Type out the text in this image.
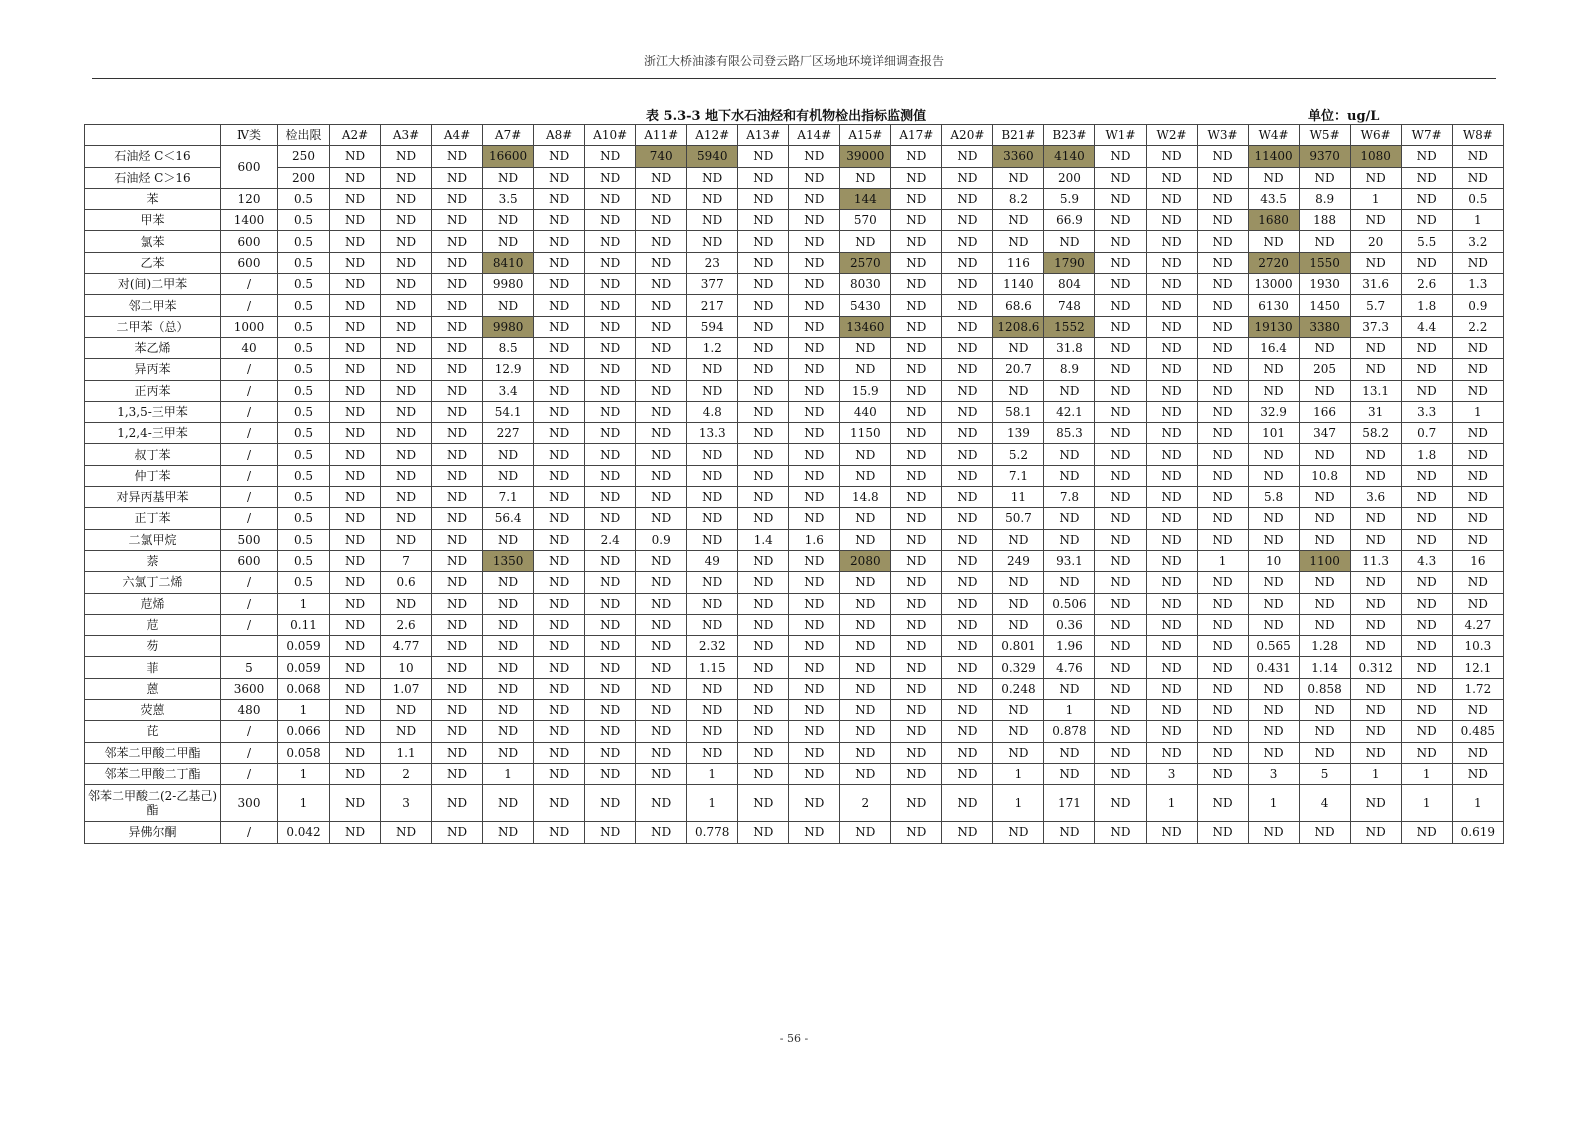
浙江大桥油漆有限公司登云路厂区场地环境详细调查报告
表 5.3-3 地下水石油烃和有机物检出指标监测值	单位：ug/L
	Ⅳ类	检出限	A2#	A3#	A4#	A7#	A8#	A10#	A11#	A12#	A13#	A14#	A15#	A17#	A20#	B21#	B23#	W1#	W2#	W3#	W4#	W5#	W6#	W7#	W8#
石油烃 C＜16	600	250	ND	ND	ND	16600	ND	ND	740	5940	ND	ND	39000	ND	ND	3360	4140	ND	ND	ND	11400	9370	1080	ND	ND
石油烃 C＞16		200	ND	ND	ND	ND	ND	ND	ND	ND	ND	ND	ND	ND	ND	ND	200	ND	ND	ND	ND	ND	ND	ND	ND
苯	120	0.5	ND	ND	ND	3.5	ND	ND	ND	ND	ND	ND	144	ND	ND	8.2	5.9	ND	ND	ND	43.5	8.9	1	ND	0.5
甲苯	1400	0.5	ND	ND	ND	ND	ND	ND	ND	ND	ND	ND	570	ND	ND	ND	66.9	ND	ND	ND	1680	188	ND	ND	1
氯苯	600	0.5	ND	ND	ND	ND	ND	ND	ND	ND	ND	ND	ND	ND	ND	ND	ND	ND	ND	ND	ND	ND	20	5.5	3.2
乙苯	600	0.5	ND	ND	ND	8410	ND	ND	ND	23	ND	ND	2570	ND	ND	116	1790	ND	ND	ND	2720	1550	ND	ND	ND
对(间)二甲苯	/	0.5	ND	ND	ND	9980	ND	ND	ND	377	ND	ND	8030	ND	ND	1140	804	ND	ND	ND	13000	1930	31.6	2.6	1.3
邻二甲苯	/	0.5	ND	ND	ND	ND	ND	ND	ND	217	ND	ND	5430	ND	ND	68.6	748	ND	ND	ND	6130	1450	5.7	1.8	0.9
二甲苯（总）	1000	0.5	ND	ND	ND	9980	ND	ND	ND	594	ND	ND	13460	ND	ND	1208.6	1552	ND	ND	ND	19130	3380	37.3	4.4	2.2
苯乙烯	40	0.5	ND	ND	ND	8.5	ND	ND	ND	1.2	ND	ND	ND	ND	ND	ND	31.8	ND	ND	ND	16.4	ND	ND	ND	ND
异丙苯	/	0.5	ND	ND	ND	12.9	ND	ND	ND	ND	ND	ND	ND	ND	ND	20.7	8.9	ND	ND	ND	ND	205	ND	ND	ND
正丙苯	/	0.5	ND	ND	ND	3.4	ND	ND	ND	ND	ND	ND	15.9	ND	ND	ND	ND	ND	ND	ND	ND	ND	13.1	ND	ND
1,3,5-三甲苯	/	0.5	ND	ND	ND	54.1	ND	ND	ND	4.8	ND	ND	440	ND	ND	58.1	42.1	ND	ND	ND	32.9	166	31	3.3	1
1,2,4-三甲苯	/	0.5	ND	ND	ND	227	ND	ND	ND	13.3	ND	ND	1150	ND	ND	139	85.3	ND	ND	ND	101	347	58.2	0.7	ND
叔丁苯	/	0.5	ND	ND	ND	ND	ND	ND	ND	ND	ND	ND	ND	ND	ND	5.2	ND	ND	ND	ND	ND	ND	ND	1.8	ND
仲丁苯	/	0.5	ND	ND	ND	ND	ND	ND	ND	ND	ND	ND	ND	ND	ND	7.1	ND	ND	ND	ND	ND	10.8	ND	ND	ND
对异丙基甲苯	/	0.5	ND	ND	ND	7.1	ND	ND	ND	ND	ND	ND	14.8	ND	ND	11	7.8	ND	ND	ND	5.8	ND	3.6	ND	ND
正丁苯	/	0.5	ND	ND	ND	56.4	ND	ND	ND	ND	ND	ND	ND	ND	ND	50.7	ND	ND	ND	ND	ND	ND	ND	ND	ND
二氯甲烷	500	0.5	ND	ND	ND	ND	ND	2.4	0.9	ND	1.4	1.6	ND	ND	ND	ND	ND	ND	ND	ND	ND	ND	ND	ND	ND
萘	600	0.5	ND	7	ND	1350	ND	ND	ND	49	ND	ND	2080	ND	ND	249	93.1	ND	ND	1	10	1100	11.3	4.3	16
六氯丁二烯	/	0.5	ND	0.6	ND	ND	ND	ND	ND	ND	ND	ND	ND	ND	ND	ND	ND	ND	ND	ND	ND	ND	ND	ND	ND
苊烯	/	1	ND	ND	ND	ND	ND	ND	ND	ND	ND	ND	ND	ND	ND	ND	0.506	ND	ND	ND	ND	ND	ND	ND	ND
苊	/	0.11	ND	2.6	ND	ND	ND	ND	ND	ND	ND	ND	ND	ND	ND	ND	0.36	ND	ND	ND	ND	ND	ND	ND	4.27
芴		0.059	ND	4.77	ND	ND	ND	ND	ND	2.32	ND	ND	ND	ND	ND	0.801	1.96	ND	ND	ND	0.565	1.28	ND	ND	10.3
菲	5	0.059	ND	10	ND	ND	ND	ND	ND	1.15	ND	ND	ND	ND	ND	0.329	4.76	ND	ND	ND	0.431	1.14	0.312	ND	12.1
蒽	3600	0.068	ND	1.07	ND	ND	ND	ND	ND	ND	ND	ND	ND	ND	ND	0.248	ND	ND	ND	ND	ND	0.858	ND	ND	1.72
荧蒽	480	1	ND	ND	ND	ND	ND	ND	ND	ND	ND	ND	ND	ND	ND	ND	1	ND	ND	ND	ND	ND	ND	ND	ND
芘	/	0.066	ND	ND	ND	ND	ND	ND	ND	ND	ND	ND	ND	ND	ND	ND	0.878	ND	ND	ND	ND	ND	ND	ND	0.485
邻苯二甲酸二甲酯	/	0.058	ND	1.1	ND	ND	ND	ND	ND	ND	ND	ND	ND	ND	ND	ND	ND	ND	ND	ND	ND	ND	ND	ND	ND
邻苯二甲酸二丁酯	/	1	ND	2	ND	1	ND	ND	ND	1	ND	ND	ND	ND	ND	1	ND	ND	3	ND	3	5	1	1	ND
邻苯二甲酸二(2-乙基己)酯	300	1	ND	3	ND	ND	ND	ND	ND	1	ND	ND	2	ND	ND	1	171	ND	1	ND	1	4	ND	1	1
异佛尔酮	/	0.042	ND	ND	ND	ND	ND	ND	ND	0.778	ND	ND	ND	ND	ND	ND	ND	ND	ND	ND	ND	ND	ND	ND	0.619
- 56 -
